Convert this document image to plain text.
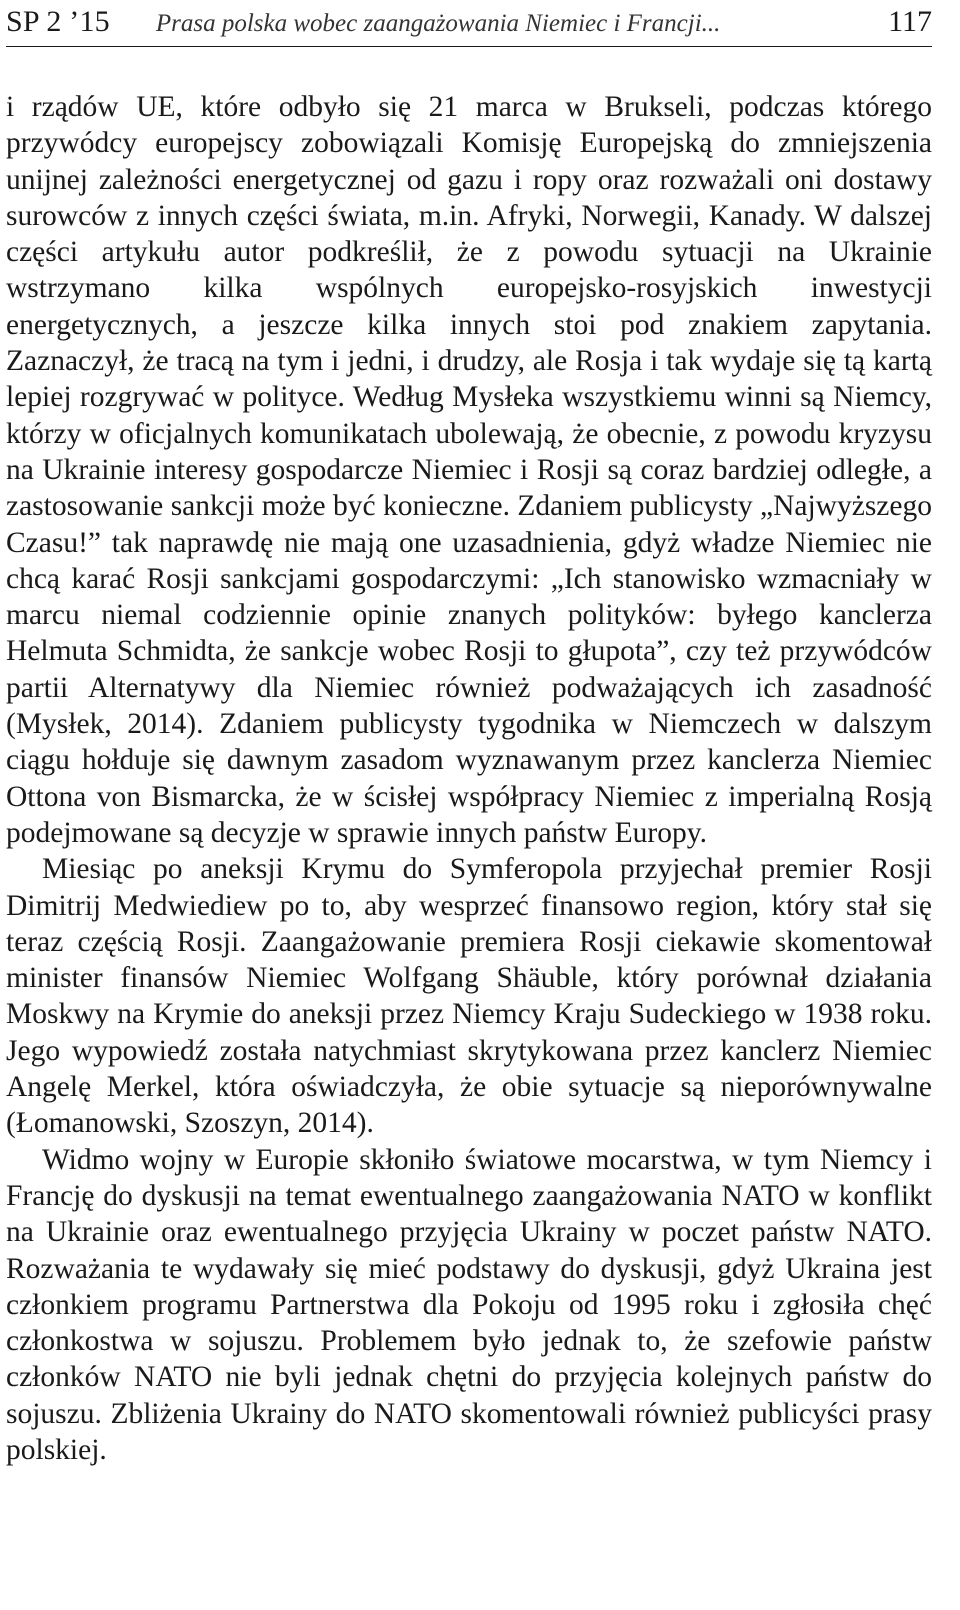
SP 2 ’15 Prasa polska wobec zaangażowania Niemiec i Francji...	117

i rządów UE, które odbyło się 21 marca w Brukseli, podczas którego przywódcy europejscy zobowiązali Komisję Europejską do zmniejszenia unijnej zależności energetycznej od gazu i ropy oraz rozważali oni dostawy surowców z innych części świata, m.in. Afryki, Norwegii, Kanady. W dalszej części artykułu autor podkreślił, że z powodu sytuacji na Ukrainie wstrzymano kilka wspólnych europejsko-rosyjskich inwestycji energetycznych, a jeszcze kilka innych stoi pod znakiem zapytania. Zaznaczył, że tracą na tym i jedni, i drudzy, ale Rosja i tak wydaje się tą kartą lepiej rozgrywać w polityce. Według Mysłeka wszystkiemu winni są Niemcy, którzy w oficjalnych komunikatach ubolewają, że obecnie, z powodu kryzysu na Ukrainie interesy gospodarcze Niemiec i Rosji są coraz bardziej odległe, a zastosowanie sankcji może być konieczne. Zdaniem publicysty „Najwyższego Czasu!” tak naprawdę nie mają one uzasadnienia, gdyż władze Niemiec nie chcą karać Rosji sankcjami gospodarczymi: „Ich stanowisko wzmacniały w marcu niemal codziennie opinie znanych polityków: byłego kanclerza Helmuta Schmidta, że sankcje wobec Rosji to głupota”, czy też przywódców partii Alternatywy dla Niemiec również podważających ich zasadność (Mysłek, 2014). Zdaniem publicysty tygodnika w Niemczech w dalszym ciągu hołduje się dawnym zasadom wyznawanym przez kanclerza Niemiec Ottona von Bismarcka, że w ścisłej współpracy Niemiec z imperialną Rosją podejmowane są decyzje w sprawie innych państw Europy.

Miesiąc po aneksji Krymu do Symferopola przyjechał premier Rosji Dimitrij Medwiediew po to, aby wesprzeć finansowo region, który stał się teraz częścią Rosji. Zaangażowanie premiera Rosji ciekawie skomentował minister finansów Niemiec Wolfgang Shäuble, który porównał działania Moskwy na Krymie do aneksji przez Niemcy Kraju Sudeckiego w 1938 roku. Jego wypowiedź została natychmiast skrytykowana przez kanclerz Niemiec Angelę Merkel, która oświadczyła, że obie sytuacje są nieporównywalne (Łomanowski, Szoszyn, 2014).

Widmo wojny w Europie skłoniło światowe mocarstwa, w tym Niemcy i Francję do dyskusji na temat ewentualnego zaangażowania NATO w konflikt na Ukrainie oraz ewentualnego przyjęcia Ukrainy w poczet państw NATO. Rozważania te wydawały się mieć podstawy do dyskusji, gdyż Ukraina jest członkiem programu Partnerstwa dla Pokoju od 1995 roku i zgłosiła chęć członkostwa w sojuszu. Problemem było jednak to, że szefowie państw członków NATO nie byli jednak chętni do przyjęcia kolejnych państw do sojuszu. Zbliżenia Ukrainy do NATO skomentowali również publicyści prasy polskiej.
